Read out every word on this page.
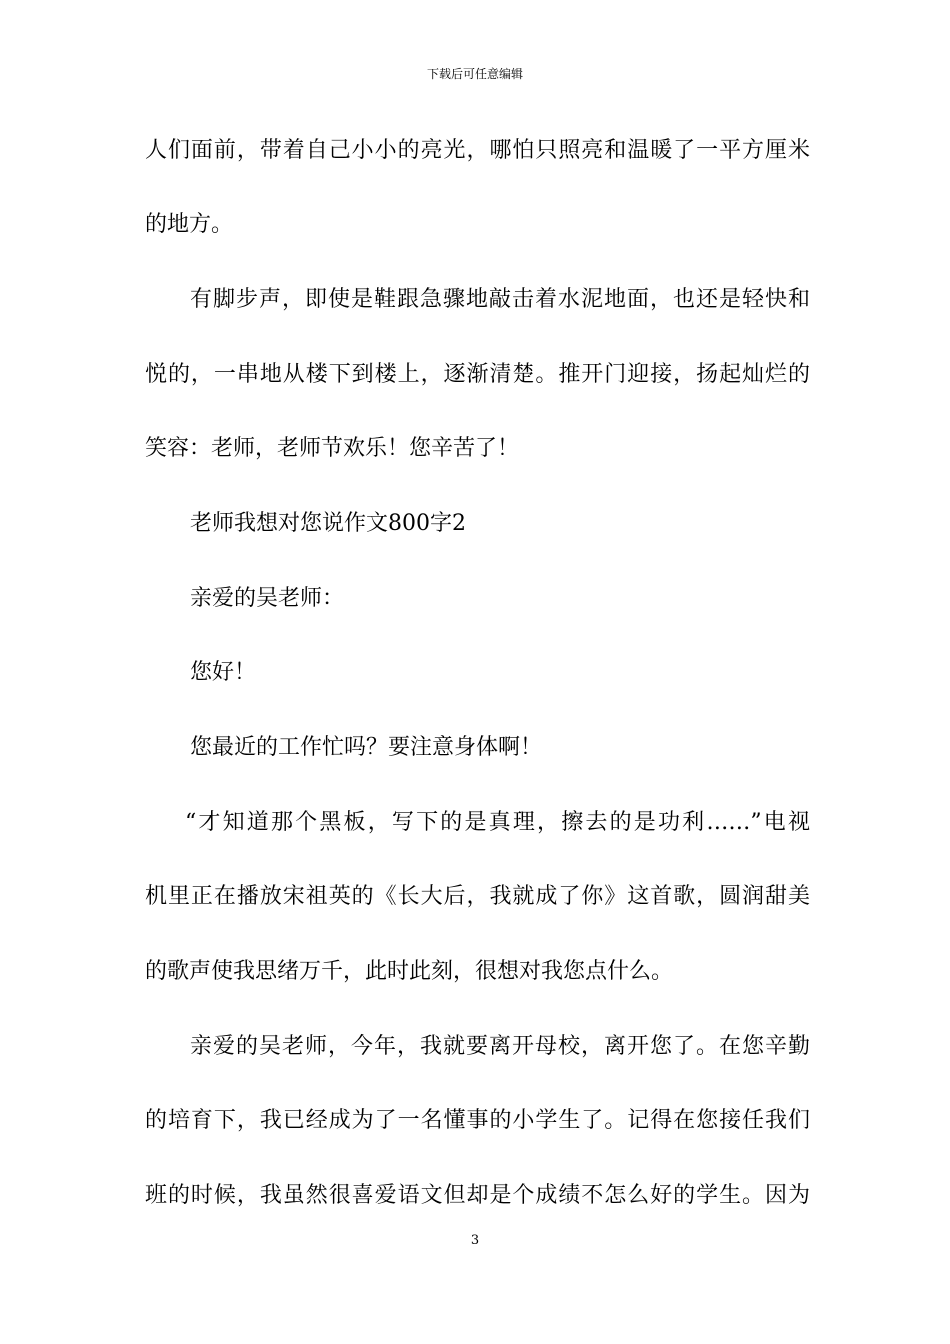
下载后可任意编辑
人们面前，带着自己小小的亮光，哪怕只照亮和温暖了一平方厘米
的地方。
有脚步声，即使是鞋跟急骤地敲击着水泥地面，也还是轻快和
悦的，一串地从楼下到楼上，逐渐清楚。推开门迎接，扬起灿烂的
笑容：老师，老师节欢乐！您辛苦了！
老师我想对您说作文800字2
亲爱的吴老师：
您好！
您最近的工作忙吗？要注意身体啊！
“才知道那个黑板，写下的是真理，擦去的是功利……”电视
机里正在播放宋祖英的《长大后，我就成了你》这首歌，圆润甜美
的歌声使我思绪万千，此时此刻，很想对我您点什么。
亲爱的吴老师，今年，我就要离开母校，离开您了。在您辛勤
的培育下，我已经成为了一名懂事的小学生了。记得在您接任我们
班的时候，我虽然很喜爱语文但却是个成绩不怎么好的学生。因为
3
